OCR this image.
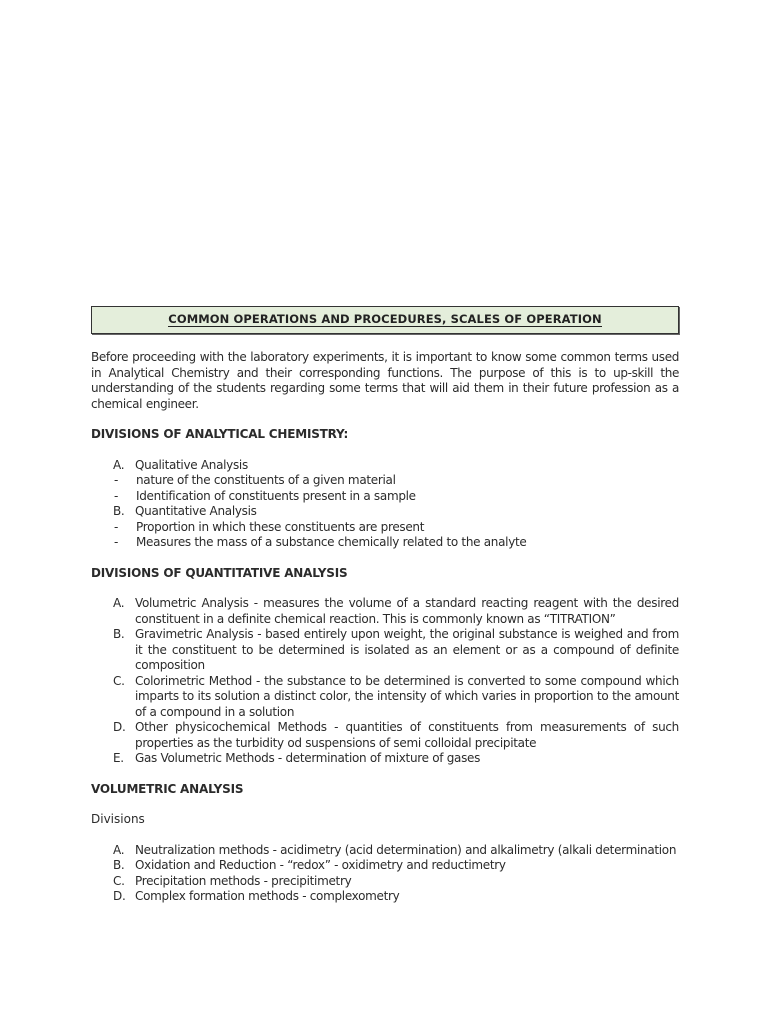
COMMON OPERATIONS AND PROCEDURES, SCALES OF OPERATION
Before proceeding with the laboratory experiments, it is important to know some common terms used in Analytical Chemistry and their corresponding functions. The purpose of this is to up-skill the understanding of the students regarding some terms that will aid them in their future profession as a chemical engineer.
DIVISIONS OF ANALYTICAL CHEMISTRY:
A. Qualitative Analysis
-	nature of the constituents of a given material
-	Identification of constituents present in a sample
B. Quantitative Analysis
-	Proportion in which these constituents are present
-	Measures the mass of a substance chemically related to the analyte
DIVISIONS OF QUANTITATIVE ANALYSIS
A. Volumetric Analysis - measures the volume of a standard reacting reagent with the desired constituent in a definite chemical reaction. This is commonly known as “TITRATION”
B. Gravimetric Analysis - based entirely upon weight, the original substance is weighed and from it the constituent to be determined is isolated as an element or as a compound of definite composition
C. Colorimetric Method - the substance to be determined is converted to some compound which imparts to its solution a distinct color, the intensity of which varies in proportion to the amount of a compound in a solution
D. Other physicochemical Methods - quantities of constituents from measurements of such properties as the turbidity od suspensions of semi colloidal precipitate
E. Gas Volumetric Methods - determination of mixture of gases
VOLUMETRIC ANALYSIS
Divisions
A. Neutralization methods - acidimetry (acid determination) and alkalimetry (alkali determination
B. Oxidation and Reduction - “redox” - oxidimetry and reductimetry
C. Precipitation methods - precipitimetry
D. Complex formation methods - complexometry
